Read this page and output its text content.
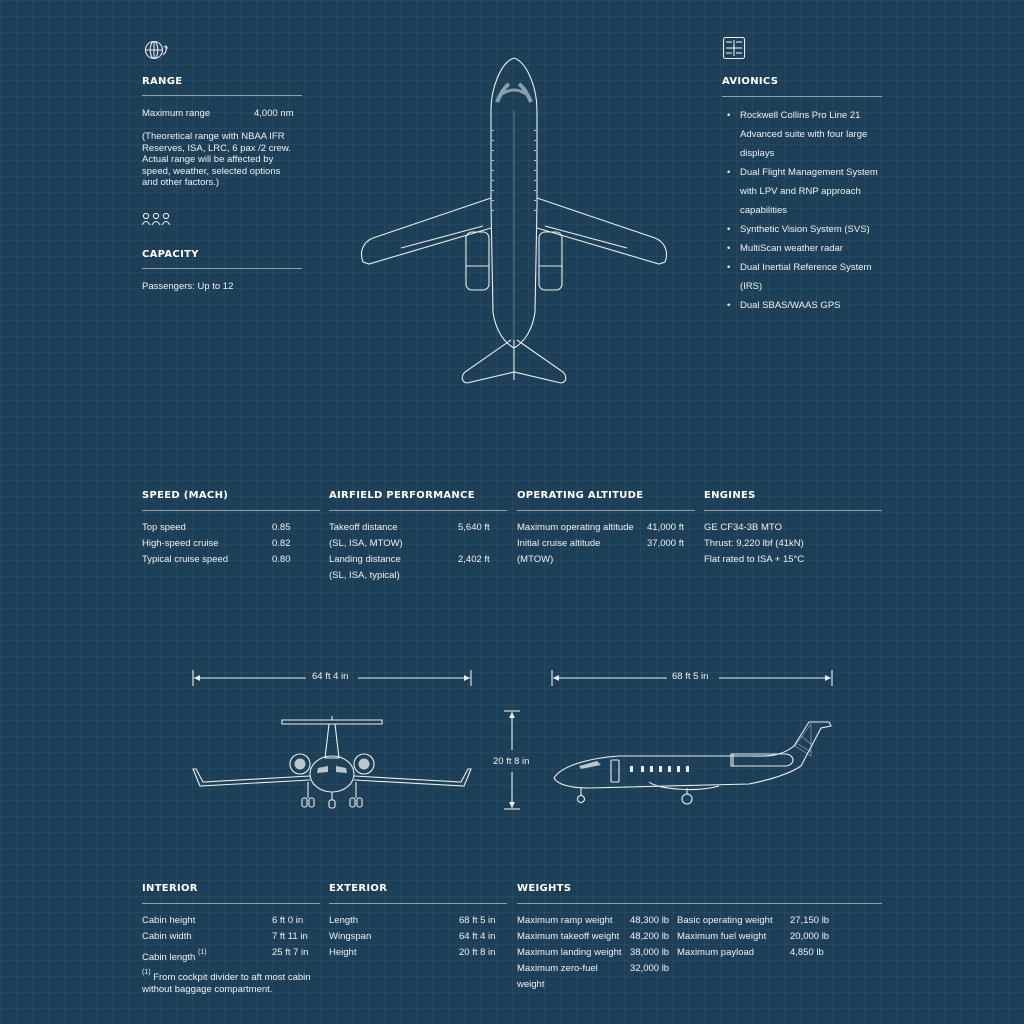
RANGE
Maximum range	4,000 nm
(Theoretical range with NBAA IFR Reserves, ISA, LRC, 6 pax /2 crew. Actual range will be affected by speed, weather, selected options and other factors.)
CAPACITY
Passengers: Up to 12
AVIONICS
• Rockwell Collins Pro Line 21 Advanced suite with four large displays
• Dual Flight Management System with LPV and RNP approach capabilities
• Synthetic Vision System (SVS)
• MultiScan weather radar
• Dual Inertial Reference System (IRS)
• Dual SBAS/WAAS GPS
SPEED (MACH)
Top speed	0.85
High-speed cruise	0.82
Typical cruise speed	0.80
AIRFIELD PERFORMANCE
Takeoff distance	5,640 ft
(SL, ISA, MTOW)
Landing distance	2,402 ft
(SL, ISA, typical)
OPERATING ALTITUDE
Maximum operating altitude 41,000 ft
Initial cruise altitude	37,000 ft
(MTOW)
ENGINES
GE CF34-3B MTO
Thrust: 9,220 lbf (41kN)
Flat rated to ISA + 15°C
64 ft 4 in	68 ft 5 in
20 ft 8 in
INTERIOR
Cabin height	6 ft 0 in
Cabin width	7 ft 11 in
Cabin length $^{(1)}$	25 ft 7 in
$^{(1)}$ From cockpit divider to aft most cabin without baggage compartment.
EXTERIOR
Length	68 ft 5 in
Wingspan	64 ft 4 in
Height	20 ft 8 in
WEIGHTS
Maximum ramp weight 48,300 lb
Maximum takeoff weight 48,200 lb
Maximum landing weight 38,000 lb
Maximum zero-fuel
weight
32,000 lb
Basic operating weight 27,150 lb
Maximum fuel weight	20,000 lb
Maximum payload	4,850 lb
